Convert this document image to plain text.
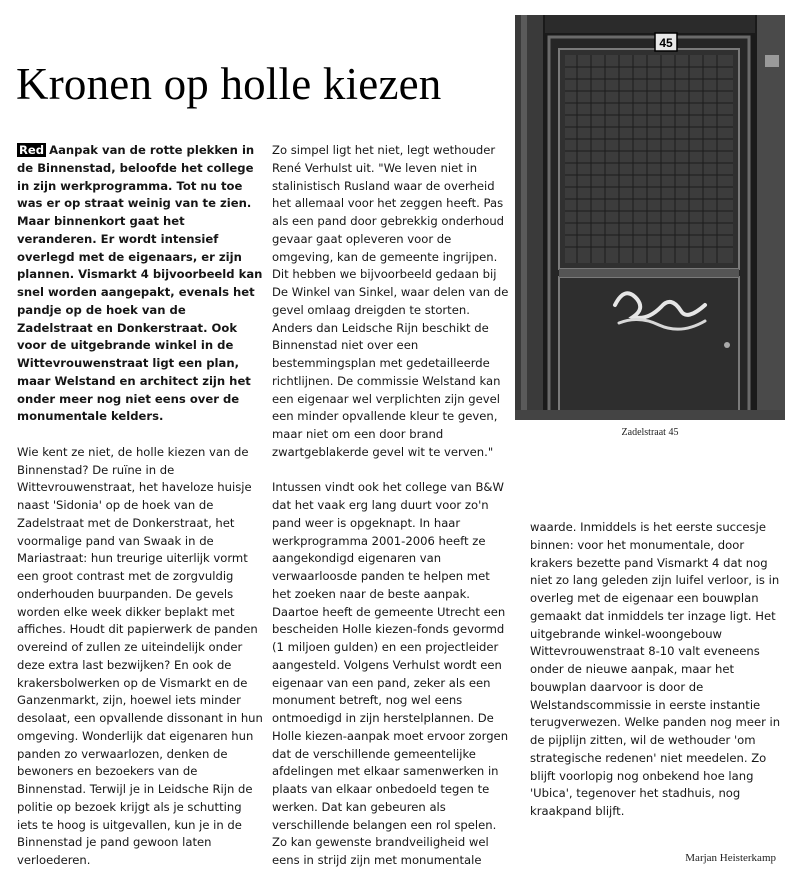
Kronen op holle kiezen

Red Aanpak van de rotte plekken in de Binnenstad, beloofde het college in zijn werkprogramma. Tot nu toe was er op straat weinig van te zien. Maar binnenkort gaat het veranderen. Er wordt intensief overlegd met de eigenaars, er zijn plannen. Vismarkt 4 bijvoorbeeld kan snel worden aangepakt, evenals het pandje op de hoek van de Zadelstraat en Donkerstraat. Ook voor de uitgebrande winkel in de Wittevrouwenstraat ligt een plan, maar Welstand en architect zijn het onder meer nog niet eens over de monumentale kelders.

Wie kent ze niet, de holle kiezen van de Binnenstad? De ruïne in de Wittevrouwenstraat, het haveloze huisje naast 'Sidonia' op de hoek van de Zadelstraat met de Donkerstraat, het voormalige pand van Swaak in de Mariastraat: hun treurige uiterlijk vormt een groot contrast met de zorgvuldig onderhouden buurpanden. De gevels worden elke week dikker beplakt met affiches. Houdt dit papierwerk de panden overeind of zullen ze uiteindelijk onder deze extra last bezwijken? En ook de krakersbolwerken op de Vismarkt en de Ganzenmarkt, zijn, hoewel iets minder desolaat, een opvallende dissonant in hun omgeving. Wonderlijk dat eigenaren hun panden zo verwaarlozen, denken de bewoners en bezoekers van de Binnenstad. Terwijl je in Leidsche Rijn de politie op bezoek krijgt als je schutting iets te hoog is uitgevallen, kun je in de Binnenstad je pand gewoon laten verloederen.

Zo simpel ligt het niet, legt wethouder René Verhulst uit. "We leven niet in stalinistisch Rusland waar de overheid het allemaal voor het zeggen heeft. Pas als een pand door gebrekkig onderhoud gevaar gaat opleveren voor de omgeving, kan de gemeente ingrijpen. Dit hebben we bijvoorbeeld gedaan bij De Winkel van Sinkel, waar delen van de gevel omlaag dreigden te storten. Anders dan Leidsche Rijn beschikt de Binnenstad niet over een bestemmingsplan met gedetailleerde richtlijnen. De commissie Welstand kan een eigenaar wel verplichten zijn gevel een minder opvallende kleur te geven, maar niet om een door brand zwartgeblakerde gevel wit te verven."

Intussen vindt ook het college van B&W dat het vaak erg lang duurt voor zo'n pand weer is opgeknapt. In haar werkprogramma 2001-2006 heeft ze aangekondigd eigenaren van verwaarloosde panden te helpen met het zoeken naar de beste aanpak. Daartoe heeft de gemeente Utrecht een bescheiden Holle kiezen-fonds gevormd (1 miljoen gulden) en een projectleider aangesteld. Volgens Verhulst wordt een eigenaar van een pand, zeker als een monument betreft, nog wel eens ontmoedigd in zijn herstelplannen. De Holle kiezen-aanpak moet ervoor zorgen dat de verschillende gemeentelijke afdelingen met elkaar samenwerken in plaats van elkaar onbedoeld tegen te werken. Dat kan gebeuren als verschillende belangen een rol spelen. Zo kan gewenste brandveiligheid wel eens in strijd zijn met monumentale

waarde. Inmiddels is het eerste succesje binnen: voor het monumentale, door krakers bezette pand Vismarkt 4 dat nog niet zo lang geleden zijn luifel verloor, is in overleg met de eigenaar een bouwplan gemaakt dat inmiddels ter inzage ligt. Het uitgebrande winkel-woongebouw Wittevrouwenstraat 8-10 valt eveneens onder de nieuwe aanpak, maar het bouwplan daarvoor is door de Welstandscommissie in eerste instantie terugverwezen. Welke panden nog meer in de pijplijn zitten, wil de wethouder 'om strategische redenen' niet meedelen. Zo blijft voorlopig nog onbekend hoe lang 'Ubica', tegenover het stadhuis, nog kraakpand blijft.

45
Zadelstraat 45
Marjan Heisterkamp
